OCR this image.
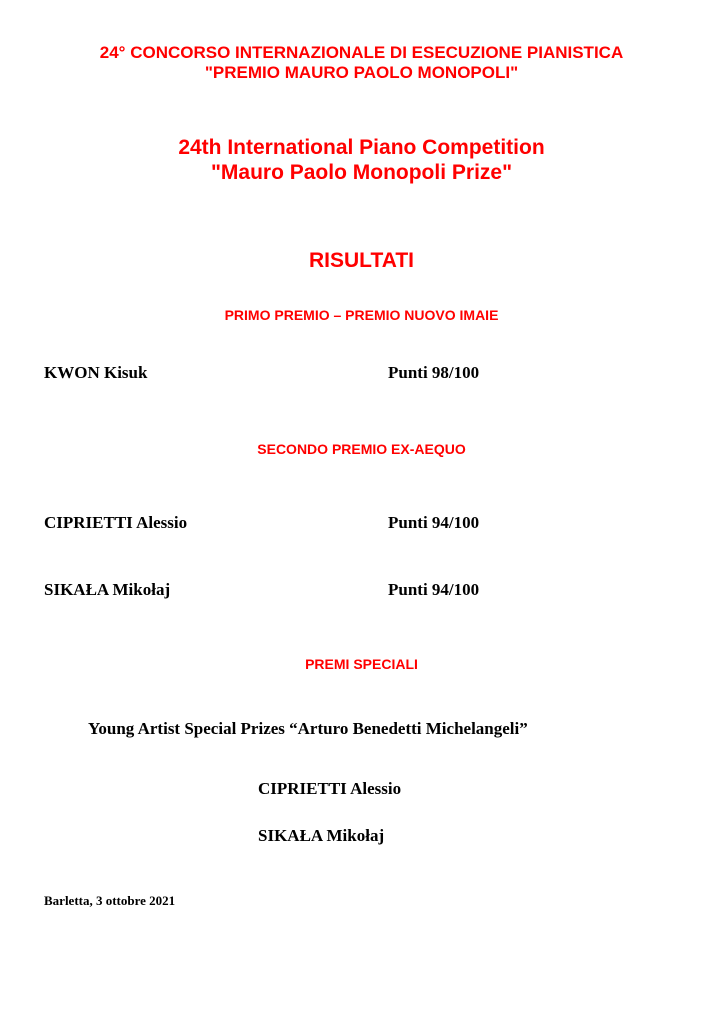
24° CONCORSO INTERNAZIONALE DI ESECUZIONE PIANISTICA
"PREMIO MAURO PAOLO MONOPOLI"
24th International Piano Competition
"Mauro Paolo Monopoli Prize"
RISULTATI
PRIMO PREMIO – PREMIO NUOVO IMAIE
KWON Kisuk	Punti 98/100
SECONDO PREMIO EX-AEQUO
CIPRIETTI Alessio	Punti 94/100
SIKAŁA Mikołaj	Punti 94/100
PREMI SPECIALI
Young Artist Special Prizes “Arturo Benedetti Michelangeli”
CIPRIETTI Alessio
SIKAŁA Mikołaj
Barletta, 3 ottobre 2021
